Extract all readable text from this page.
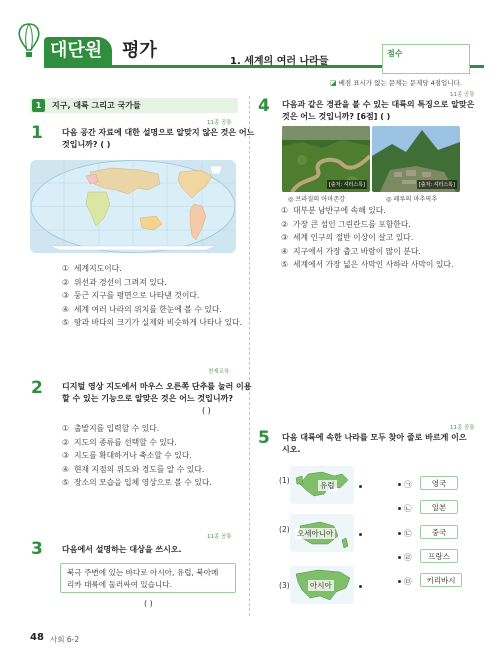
대단원	평가
1. 세계의 여러 나라들
점수
◪ 배점 표시가 없는 문제는 문제당 4점입니다.
1	지구, 대륙 그리고 국가들
11종 공통
1 다음 공간 자료에 대한 설명으로 알맞지 않은 것은 어느
것입니까? ( )
① 세계지도이다.
② 위선과 경선이 그려져 있다.
③ 둥근 지구를 평면으로 나타낸 것이다.
④ 세계 여러 나라의 위치를 한눈에 볼 수 있다.
⑤ 땅과 바다의 크기가 실제와 비슷하게 나타나 있다.
천재교육
2 디지털 영상 지도에서 마우스 오른쪽 단추를 눌러 이용
할 수 있는 기능으로 알맞은 것은 어느 것입니까?
( )
① 출발지를 입력할 수 있다.
② 지도의 종류를 선택할 수 있다.
③ 지도를 확대하거나 축소할 수 있다.
④ 현재 지점의 위도와 경도를 알 수 있다.
⑤ 장소의 모습을 입체 영상으로 볼 수 있다.
11종 공통
3 다음에서 설명하는 대상을 쓰시오.
북극 주변에 있는 바다로 아시아, 유럽, 북아메
리카 대륙에 둘러싸여 있습니다.
( )
11종 공통
4 다음과 같은 경관을 볼 수 있는 대륙의 특징으로 알맞은
것은 어느 것입니까? [6점] ( )
[출처: 셔터스톡]	[출처: 셔터스톡]
◎ 브라질의 아마존강	◎ 페루의 마추픽추
① 대부분 남반구에 속해 있다.
② 가장 큰 섬인 그린란드를 포함한다.
③ 세계 인구의 절반 이상이 살고 있다.
④ 지구에서 가장 춥고 바람이 많이 분다.
⑤ 세계에서 가장 넓은 사막인 사하라 사막이 있다.
11종 공통
5 다음 대륙에 속한 나라를 모두 찾아 줄로 바르게 이으
시오.
(1)
유럽
(2) 오세아니아
(3)	아시아
㉠	영국
㉡	일본
㉢	중국
㉣	프랑스
㉤	키리바시
48 사회 6-2
